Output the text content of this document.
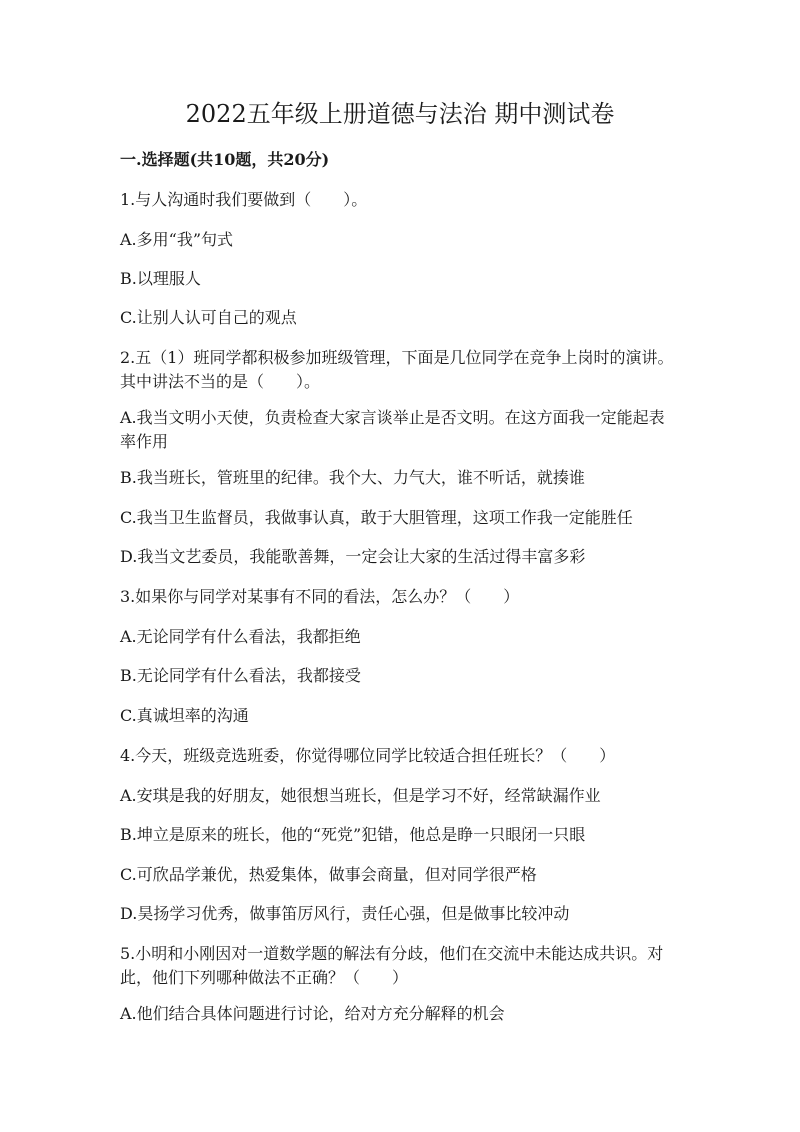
2022五年级上册道德与法治 期中测试卷
一.选择题(共10题，共20分)
1.与人沟通时我们要做到（　　）。
A.多用“我”句式
B.以理服人
C.让别人认可自己的观点
2.五（1）班同学都积极参加班级管理，下面是几位同学在竞争上岗时的演讲。其中讲法不当的是（　　）。
A.我当文明小天使，负责检查大家言谈举止是否文明。在这方面我一定能起表率作用
B.我当班长，管班里的纪律。我个大、力气大，谁不听话，就揍谁
C.我当卫生监督员，我做事认真，敢于大胆管理，这项工作我一定能胜任
D.我当文艺委员，我能歌善舞，一定会让大家的生活过得丰富多彩
3.如果你与同学对某事有不同的看法，怎么办？（　　）
A.无论同学有什么看法，我都拒绝
B.无论同学有什么看法，我都接受
C.真诚坦率的沟通
4.今天，班级竞选班委，你觉得哪位同学比较适合担任班长？（　　）
A.安琪是我的好朋友，她很想当班长，但是学习不好，经常缺漏作业
B.坤立是原来的班长，他的“死党”犯错，他总是睁一只眼闭一只眼
C.可欣品学兼优，热爱集体，做事会商量，但对同学很严格
D.昊扬学习优秀，做事笛厉风行，责任心强，但是做事比较冲动
5.小明和小刚因对一道数学题的解法有分歧，他们在交流中未能达成共识。对此，他们下列哪种做法不正确？（　　）
A.他们结合具体问题进行讨论，给对方充分解释的机会
